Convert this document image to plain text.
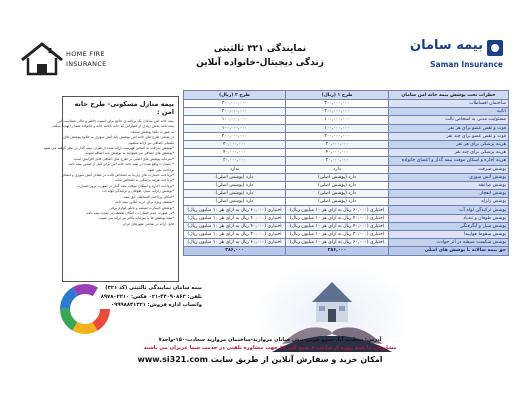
HOME FIRE
INSURANCE
نمایندگی ۳۲۱ ثالثیتی
زندگی دیجیتال-خانواده آنلاین
بیمه سامان
Saman Insurance
بیمه منازل مسکونی- طرح خانه امن :
بیمه خانه امن سامان یک برنامه ی جامع برای امنیت خاطر و مالی شماست این
بیمه نامه بخش زیادی از خطراتی که خانه ،اثاثیه خانه و خانواده شما را تهدید میکند ،
به صورت یکجا پوشش میدهد.
در تمامی طرح های خانه امن پوشش پایه آتش سوزی به علاوه پوشش های
تکمیلی اضافی نیز ارائه میشود.
*پوشش سرقت به اساس فهرست ارائه شده از طرف بیمه گذار در نظر گرفته می شود.
*پوشش های اضافی نیز میتوانند به پوشش پایه اضافه شوند.
*سرمایه پوشش های اصلی در طرح های اضافی قابل افزایش است.
* خسارت واقع شده در بیمه نامه خانه امن برای قبل از صدور بیمه نامه
پرداخت نمی شود.
*پرداخت خسارت های وارده به اشخاص ثالث در مقابل آتش سوزی و انفجار
*پرداخت هزینه پزشکی به اشخاص ثالث
*پرداخت اجاره و اسکان موقت بیمه گذار در صورت بروز خسارت
*پوشش زلزله، سیل، طوفان و ترکیدگی لوله آب
*امکان پرداخت اقساطی حق بیمه
*تخفیف ویژه برای خرید آنلاین بیمه نامه
*پوشش خسارت شیشه و تابلو، لوازم برقی
*در صورت عدم خسارت ، امکان تخفیف در تمدید بیمه نامه
*همه پوشش ها با سرمایه بالاتر نیز ارائه می شوند.
قابل ارائه در تمامی شهرهای ایران
خطرات تحت پوشش بیمه خانه امن سامان	طرح ۱ (ریال)	طرح ۲ (ریال)
ساختمان اقساطات	۳۰۰,۰۰۰,۰۰۰	۳۰۰,۰۰۰,۰۰۰
اثاثیه	۲۰۰,۰۰۰,۰۰۰	۲۰۰,۰۰۰,۰۰۰
مسئولیت مدنی به اشخاص ثالث	۱۰۰,۰۰۰,۰۰۰	۱۰۰,۰۰۰,۰۰۰
فوت و نقص عضو برای هر نفر	۱۰۰,۰۰۰,۰۰۰	۱۰۰,۰۰۰,۰۰۰
فوت و نقص عضو برای چند نفر	۲۰۰,۰۰۰,۰۰۰	۲۰۰,۰۰۰,۰۰۰
هزینه پزشکی برای هر نفر	۲۰,۰۰۰,۰۰۰	۲۰,۰۰۰,۰۰۰
هزینه پزشکی برای چند نفر	۴۰,۰۰۰,۰۰۰	۴۰,۰۰۰,۰۰۰
هزینه اجاره و اسکان موقت بیمه گذار و اعضای خانواده	۲۰,۰۰۰,۰۰۰	۲۰,۰۰۰,۰۰۰
پوشش سرقت	دارد	ندارد
پوشش آتش سوزی	دارد (پوشش اصلی)	دارد (پوشش اصلی)
پوشش صاعقه	دارد (پوشش اصلی)	دارد (پوشش اصلی)
پوشش انفجار	دارد (پوشش اصلی)	دارد (پوشش اصلی)
پوشش زلزله	دارد (پوشش اصلی)	دارد (پوشش اصلی)
پوشش ترکیدگی لوله آب	اختیاری (۶۰,۰۰۰ ریال به ازای هر ۱۰ میلیون ریال)	اختیاری (۶۰,۰۰۰ ریال به ازای هر ۱۰ میلیون ریال)
پوشش طوفان و تندباد	اختیاری (۴۰,۰۰۰ ریال به ازای هر ۱۰ میلیون ریال)	اختیاری (۴۰,۰۰۰ ریال به ازای هر ۱۰ میلیون ریال)
پوشش سیل و آبگرفتگی	اختیاری (۴۰,۰۰۰ ریال به ازای هر ۱۰ میلیون ریال)	اختیاری (۴۰,۰۰۰ ریال به ازای هر ۱۰ میلیون ریال)
پوشش سقوط هواپیما	اختیاری (۳۰,۰۰۰ ریال به ازای هر ۱۰ میلیون ریال)	اختیاری (۳۰,۰۰۰ ریال به ازای هر ۱۰ میلیون ریال)
پوشش شکست شیشه در اثر حوادث	اختیاری (۶۰,۰۰۰ ریال به ازای هر ۱۰ میلیون ریال)	اختیاری (۶۰,۰۰۰ ریال به ازای هر ۱۰ میلیون ریال)
حق بیمه سالانه با پوشش های اصلی	۲۸۶,۰۰۰	۲۸۶,۰۰۰
بیمه سامان نمایندگی ثالثیتی (کد ۳۲۱)
تلفن: ۴۴۰۹۰۸۶۳-۰۲۱ فکس: ۸۹۷۸۰۲۲۱۰
واتساپ اداره فروش: ۰۹۹۹۸۸۴۱۳۲۱
آدرس: سعادت آباد-سرو غربی-نبش خیابان مروارید-ساختمان مروارید سعادت-۱۵۰-واحد۷
مشاوران ما همه روزه از ساعت ۸ صبح الی ۱۷ جهت مشاوره تلفنی در خدمت شما عزیزان می باشند
www.si321.com امکان خرید و سفارش آنلاین از طریق سایت
